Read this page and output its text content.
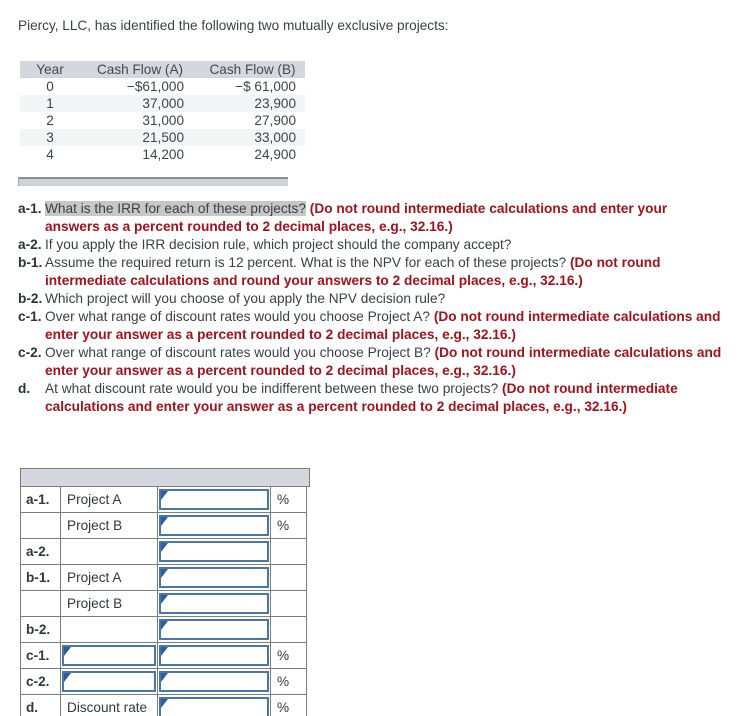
Piercy, LLC, has identified the following two mutually exclusive projects:

Year	Cash Flow (A)	Cash Flow (B)
0	−$61,000	−$ 61,000
1	37,000	23,900
2	31,000	27,900
3	21,500	33,000
4	14,200	24,900
a-1. What is the IRR for each of these projects? (Do not round intermediate calculations and enter your answers as a percent rounded to 2 decimal places, e.g., 32.16.)
a-2. If you apply the IRR decision rule, which project should the company accept?
b-1. Assume the required return is 12 percent. What is the NPV for each of these projects? (Do not round intermediate calculations and round your answers to 2 decimal places, e.g., 32.16.)
b-2. Which project will you choose of you apply the NPV decision rule?
c-1. Over what range of discount rates would you choose Project A? (Do not round intermediate calculations and enter your answer as a percent rounded to 2 decimal places, e.g., 32.16.)
c-2. Over what range of discount rates would you choose Project B? (Do not round intermediate calculations and enter your answer as a percent rounded to 2 decimal places, e.g., 32.16.)
d. At what discount rate would you be indifferent between these two projects? (Do not round intermediate calculations and enter your answer as a percent rounded to 2 decimal places, e.g., 32.16.)
a-1.	Project A		%
	Project B		%
a-2.		

b-1.	Project A	

	Project B	

b-2.		

c-1.			%
c-2.			%
d.	Discount rate		%
